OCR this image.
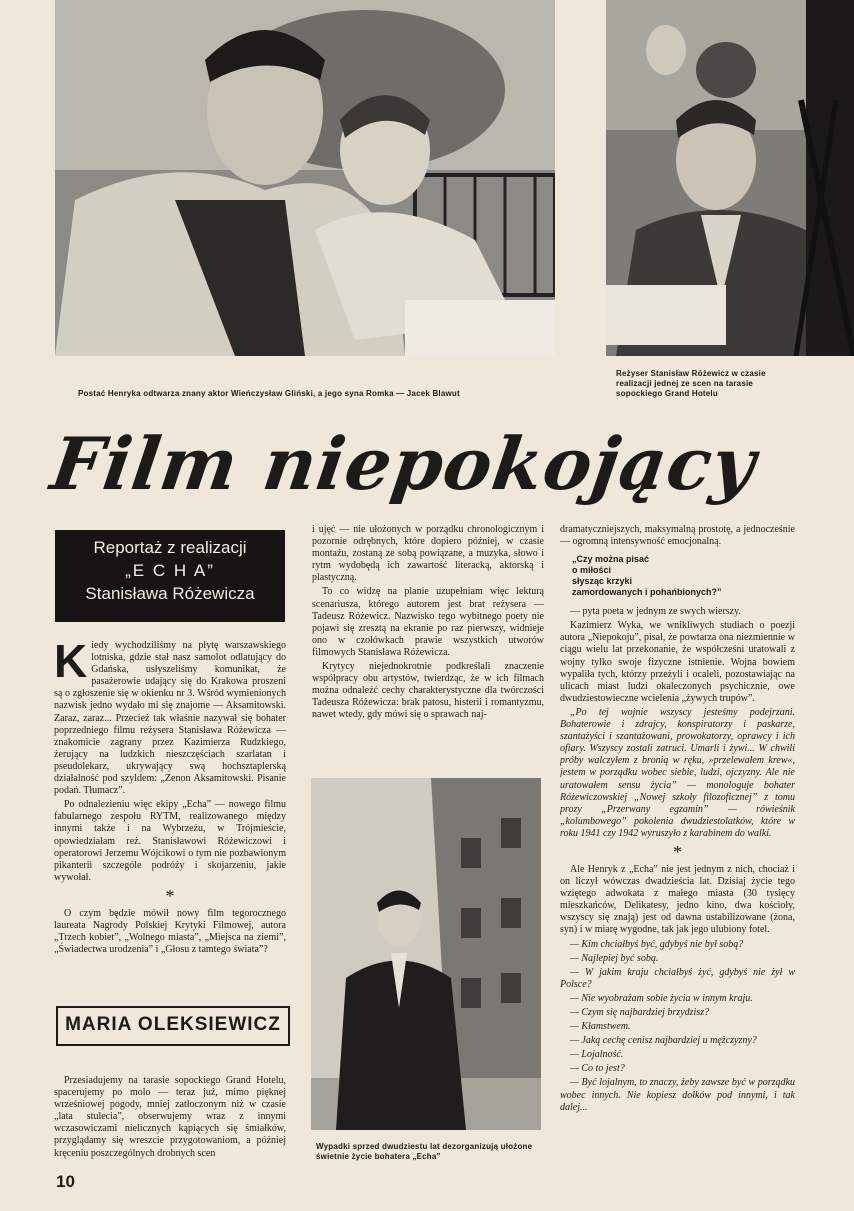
Postać Henryka odtwarza znany aktor Wieńczysław Gliński, a jego syna Romka — Jacek Blawut
Reżyser Stanisław Różewicz w czasie realizacji jednej ze scen na tarasie sopockiego Grand Hotelu
Film niepokojący
Reportaż z realizacji
„E C H A”
Stanisława Różewicza

Kiedy wychodziliśmy na płytę warszawskiego lotniska, gdzie stał nasz samolot odlatujący do Gdańska, usłyszeliśmy komunikat, że pasażerowie udający się do Krakowa proszeni są o zgłoszenie się w okienku nr 3. Wśród wymienionych nazwisk jedno wydało mi się znajome — Aksamitowski. Zaraz, zaraz... Przecież tak właśnie nazywał się bohater poprzedniego filmu reżysera Stanisława Różewicza — znakomicie zagrany przez Kazimierza Rudzkiego, żerujący na ludzkich nieszczęściach szarlatan i pseudolekarz, ukrywający swą hochsztaplerską działalność pod szyldem: „Zenon Aksamitowski. Pisanie podań. Tłumacz”.

Po odnalezieniu więc ekipy „Echa” — nowego filmu fabularnego zespołu RYTM, realizowanego między innymi także i na Wybrzeżu, w Trójmieście, opowiedziałam reż. Stanisławowi Różewiczowi i operatorowi Jerzemu Wójcikowi o tym nie pozbawionym pikanterii szczególe podróży i skojarzeniu, jakie wywołał.

*

O czym będzie mówił nowy film tegorocznego laureata Nagrody Polskiej Krytyki Filmowej, autora „Trzech kobiet”, „Wolnego miasta”, „Miejsca na ziemi”, „Świadectwa urodzenia” i „Głosu z tamtego świata”?

MARIA OLEKSIEWICZ

Przesiadujemy na tarasie sopockiego Grand Hotelu, spacerujemy po molo — teraz już, mimo pięknej wrześniowej pogody, mniej zatłoczonym niż w czasie „lata stulecia”, obserwujemy wraz z innymi wczasowiczami nielicznych kąpiących się śmiałków, przyglądamy się wreszcie przygotowaniom, a później kręceniu poszczególnych drobnych scen

10

i ujęć — nie ułożonych w porządku chronologicznym i pozornie odrębnych, które dopiero później, w czasie montażu, zostaną ze sobą powiązane, a muzyka, słowo i rytm wydobędą ich zawartość literacką, aktorską i plastyczną.

To co widzę na planie uzupełniam więc lekturą scenariusza, którego autorem jest brat reżysera — Tadeusz Różewicz. Nazwisko tego wybitnego poety nie pojawi się zresztą na ekranie po raz pierwszy, widnieje ono w czołówkach prawie wszystkich utworów filmowych Stanisława Różewicza.

Krytycy niejednokrotnie podkreślali znaczenie współpracy obu artystów, twierdząc, że w ich filmach można odnaleźć cechy charakterystyczne dla twórczości Tadeusza Różewicza: brak patosu, histerii i romantyzmu, nawet wtedy, gdy mówi się o sprawach naj-

Wypadki sprzed dwudziestu lat dezorganizują ułożone świetnie życie bohatera „Echa”

dramatyczniejszych, maksymalną prostotę, a jednocześnie — ogromną intensywność emocjonalną.

„Czy można pisać
o miłości
słysząc krzyki
zamordowanych i pohańbionych?”

— pyta poeta w jednym ze swych wierszy.

Kazimierz Wyka, we wnikliwych studiach o poezji autora „Niepokoju”, pisał, że powtarza ona niezmiennie w ciągu wielu lat przekonanie, że współcześni uratowali z wojny tylko swoje fizyczne istnienie. Wojna bowiem wypaliła tych, którzy przeżyli i ocaleli, pozostawiając na ulicach miast ludzi okaleczonych psychicznie, owe dwudziestowieczne wcielenia „żywych trupów”.

„Po tej wojnie wszyscy jesteśmy podejrzani. Bohaterowie i zdrajcy, konspiratorzy i paskarze, szantażyści i szantażowani, prowokatorzy, oprawcy i ich ofiary. Wszyscy zostali zatruci. Umarli i żywi... W chwili próby walczyłem z bronią w ręku, »przelewałem krew«, jestem w porządku wobec siebie, ludzi, ojczyzny. Ale nie uratowałem sensu życia” — monologuje bohater Różewiczowskiej „Nowej szkoły filozoficznej” z tomu prozy „Przerwany egzamin” — rówieśnik „kolumbowego” pokolenia dwudziestolatków, które w roku 1941 czy 1942 wyruszyło z karabinem do walki.

*

Ale Henryk z „Echa” nie jest jednym z nich, chociaż i on liczył wówczas dwadzieścia lat. Dzisiaj życie tego wziętego adwokata z małego miasta (30 tysięcy mieszkańców, Delikatesy, jedno kino, dwa kościoły, wszyscy się znają) jest od dawna ustabilizowane (żona, syn) i w miarę wygodne, tak jak jego ulubiony fotel.

— Kim chciałbyś być, gdybyś nie był sobą?

— Najlepiej być sobą.

— W jakim kraju chciałbyś żyć, gdybyś nie żył w Polsce?

— Nie wyobrażam sobie życia w innym kraju.

— Czym się najbardziej brzydzisz?

— Kłamstwem.

— Jaką cechę cenisz najbardziej u mężczyzny?

— Lojalność.

— Co to jest?

— Być lojalnym, to znaczy, żeby zawsze być w porządku wobec innych. Nie kopiesz dołków pod innymi, i tak dalej...
